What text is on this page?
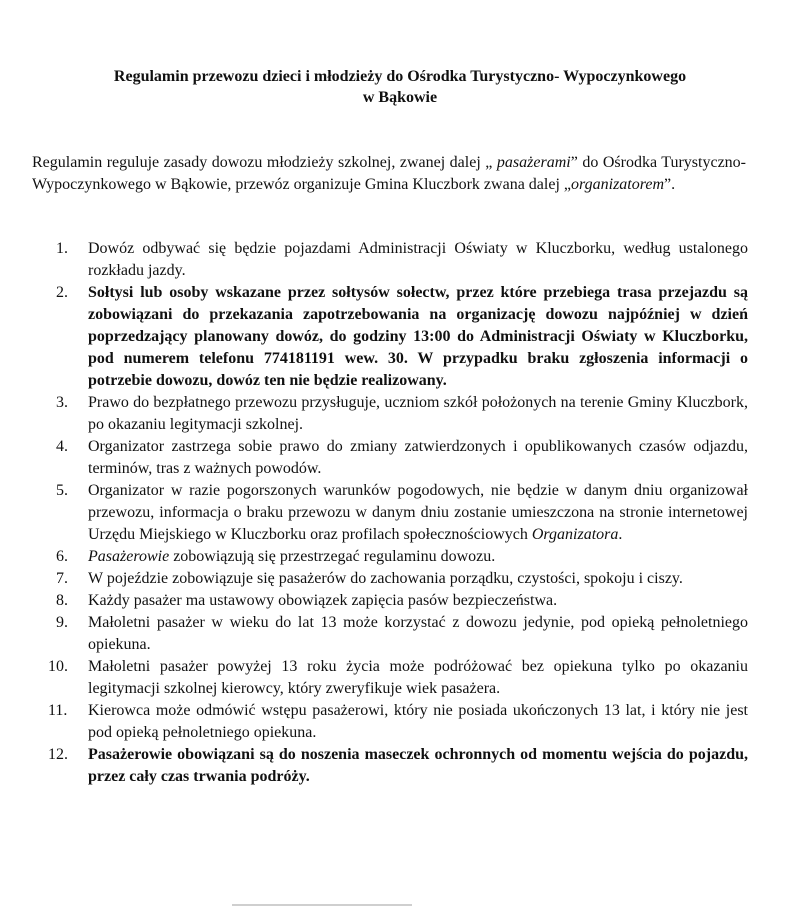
Regulamin przewozu dzieci i młodzieży do Ośrodka Turystyczno- Wypoczynkowego
w Bąkowie
Regulamin reguluje zasady dowozu młodzieży szkolnej, zwanej dalej „ pasażerami” do Ośrodka Turystyczno- Wypoczynkowego w Bąkowie, przewóz organizuje Gmina Kluczbork zwana dalej „organizatorem”.
1. Dowóz odbywać się będzie pojazdami Administracji Oświaty w Kluczborku, według ustalonego rozkładu jazdy.
2. Sołtysi lub osoby wskazane przez sołtysów sołectw, przez które przebiega trasa przejazdu są zobowiązani do przekazania zapotrzebowania na organizację dowozu najpóźniej w dzień poprzedzający planowany dowóz, do godziny 13:00 do Administracji Oświaty w Kluczborku, pod numerem telefonu 774181191 wew. 30. W przypadku braku zgłoszenia informacji o potrzebie dowozu, dowóz ten nie będzie realizowany.
3. Prawo do bezpłatnego przewozu przysługuje, uczniom szkół położonych na terenie Gminy Kluczbork, po okazaniu legitymacji szkolnej.
4. Organizator zastrzega sobie prawo do zmiany zatwierdzonych i opublikowanych czasów odjazdu, terminów, tras z ważnych powodów.
5. Organizator w razie pogorszonych warunków pogodowych, nie będzie w danym dniu organizował przewozu, informacja o braku przewozu w danym dniu zostanie umieszczona na stronie internetowej Urzędu Miejskiego w Kluczborku oraz profilach społecznościowych Organizatora.
6. Pasażerowie zobowiązują się przestrzegać regulaminu dowozu.
7. W pojeździe zobowiązuje się pasażerów do zachowania porządku, czystości, spokoju i ciszy.
8. Każdy pasażer ma ustawowy obowiązek zapięcia pasów bezpieczeństwa.
9. Małoletni pasażer w wieku do lat 13 może korzystać z dowozu jedynie, pod opieką pełnoletniego opiekuna.
10. Małoletni pasażer powyżej 13 roku życia może podróżować bez opiekuna tylko po okazaniu legitymacji szkolnej kierowcy, który zweryfikuje wiek pasażera.
11. Kierowca może odmówić wstępu pasażerowi, który nie posiada ukończonych 13 lat, i który nie jest pod opieką pełnoletniego opiekuna.
12. Pasażerowie obowiązani są do noszenia maseczek ochronnych od momentu wejścia do pojazdu, przez cały czas trwania podróży.
